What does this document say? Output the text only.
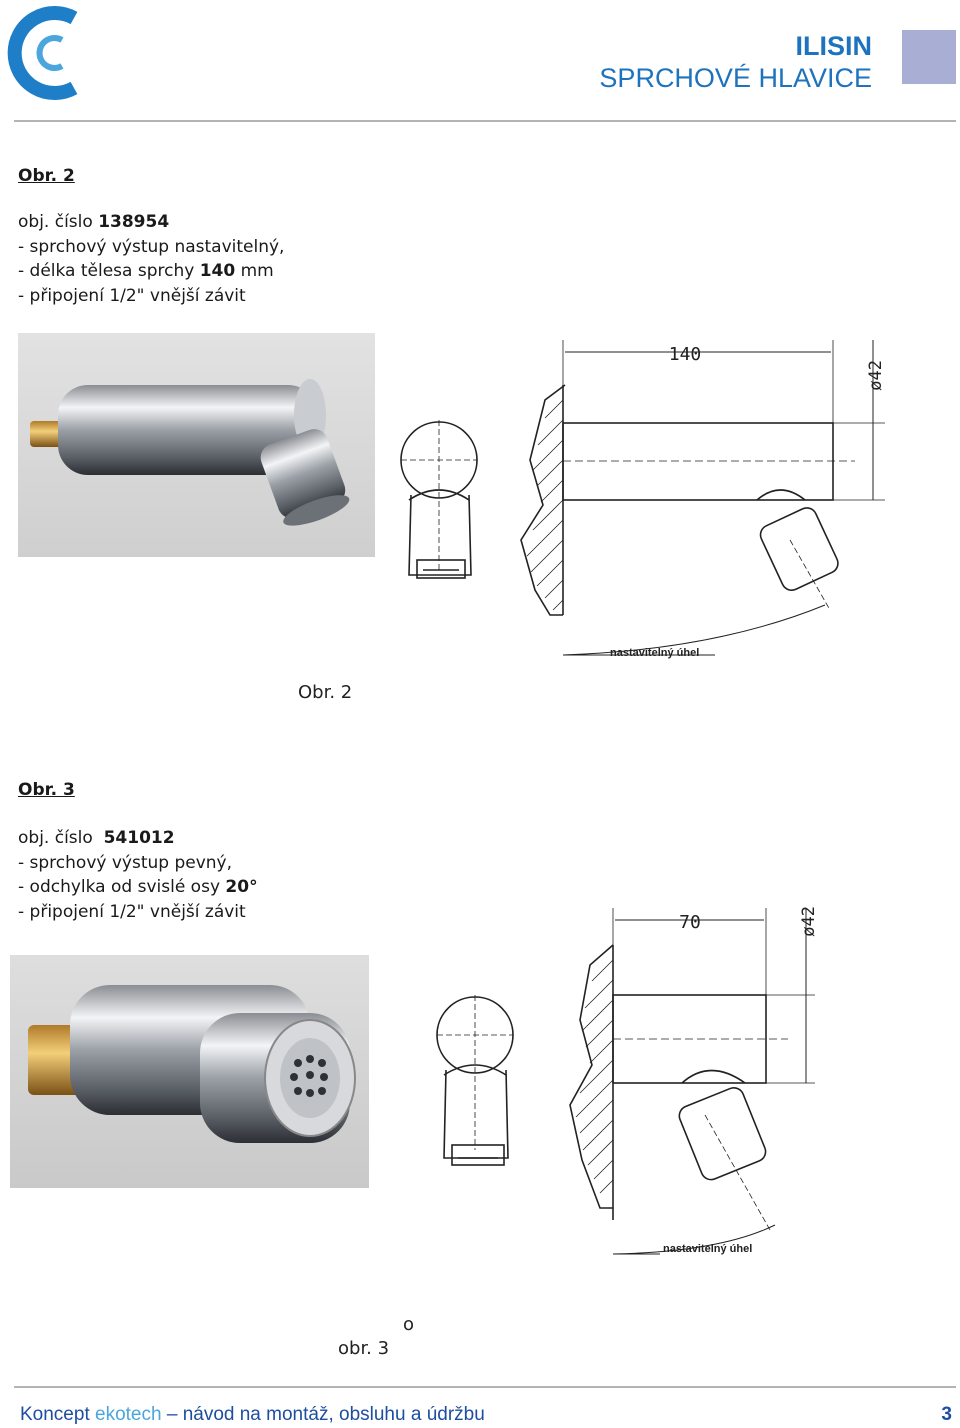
ILISIN
SPRCHOVÉ HLAVICE
Obr. 2
obj. číslo 138954
- sprchový výstup nastavitelný,
- délka tělesa sprchy 140 mm
- připojení 1/2" vnější závit
140
ø42
nastavitelný úhel
Obr. 2
Obr. 3
obj. číslo 541012
- sprchový výstup pevný,
- odchylka od svislé osy 20°
- připojení 1/2" vnější závit
70	ø42
nastavitelný úhel
o
obr. 3
Koncept ekotech – návod na montáž, obsluhu a údržbu	3
